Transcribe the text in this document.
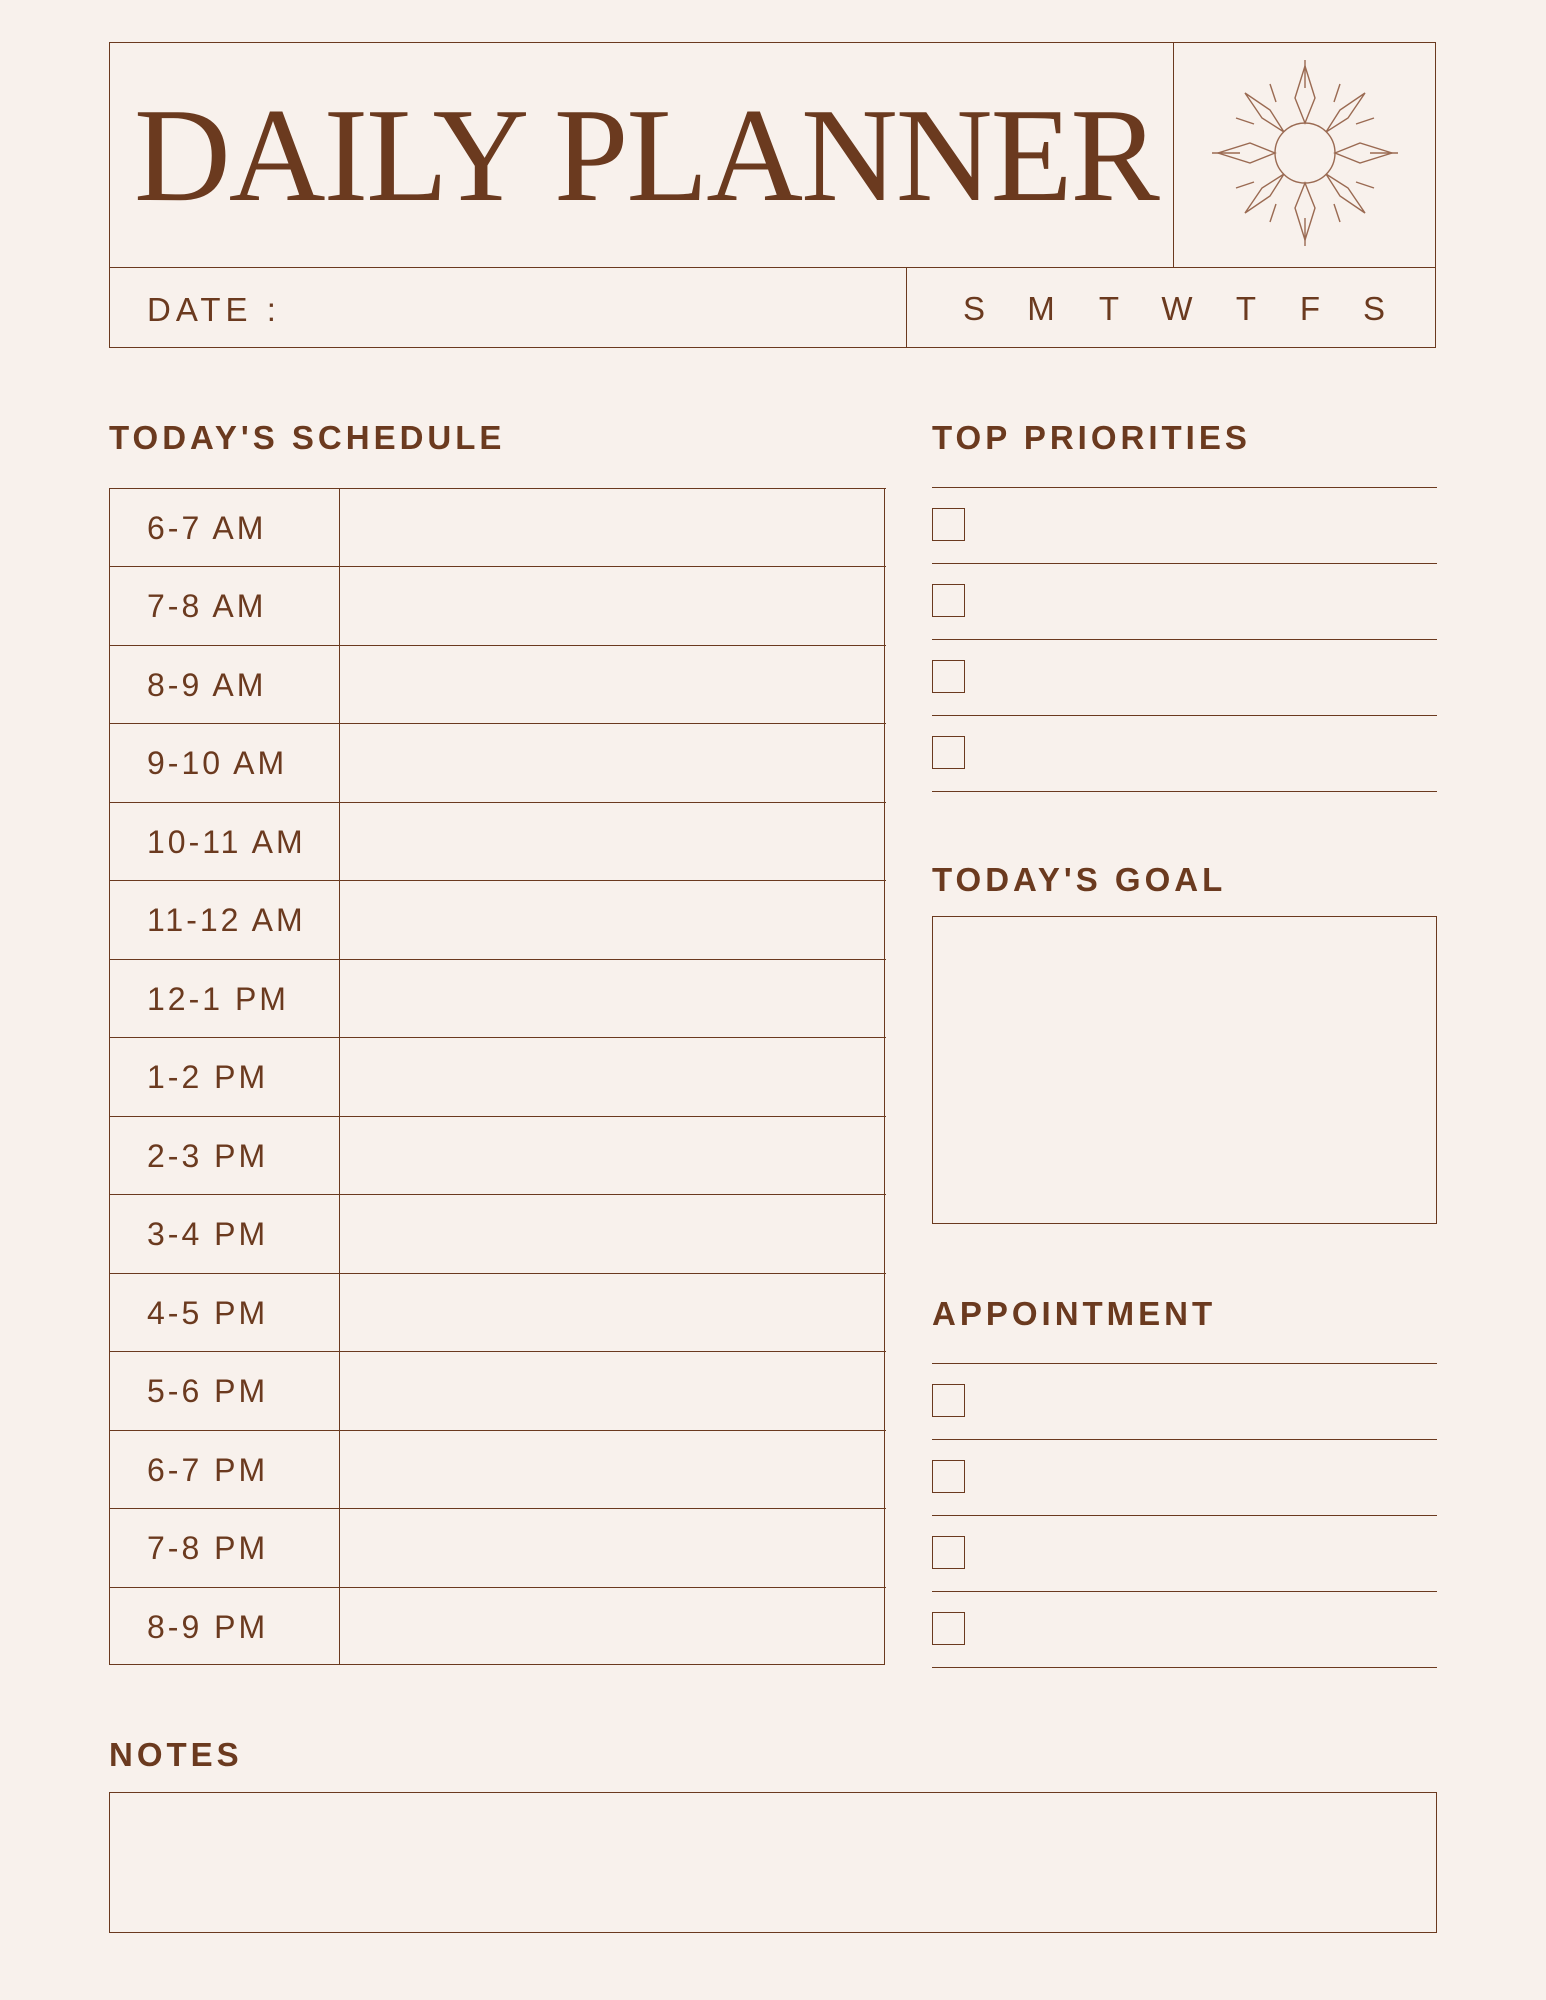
DAILY PLANNER
DATE :	S M	T	W	T	F	S
TODAY'S SCHEDULE
6-7 AM
7-8 AM
8-9 AM
9-10 AM
10-11 AM
11-12 AM
12-1 PM
1-2 PM
2-3 PM
3-4 PM
4-5 PM
5-6 PM
6-7 PM
7-8 PM
8-9 PM
TOP PRIORITIES
TODAY'S GOAL
APPOINTMENT
NOTES
